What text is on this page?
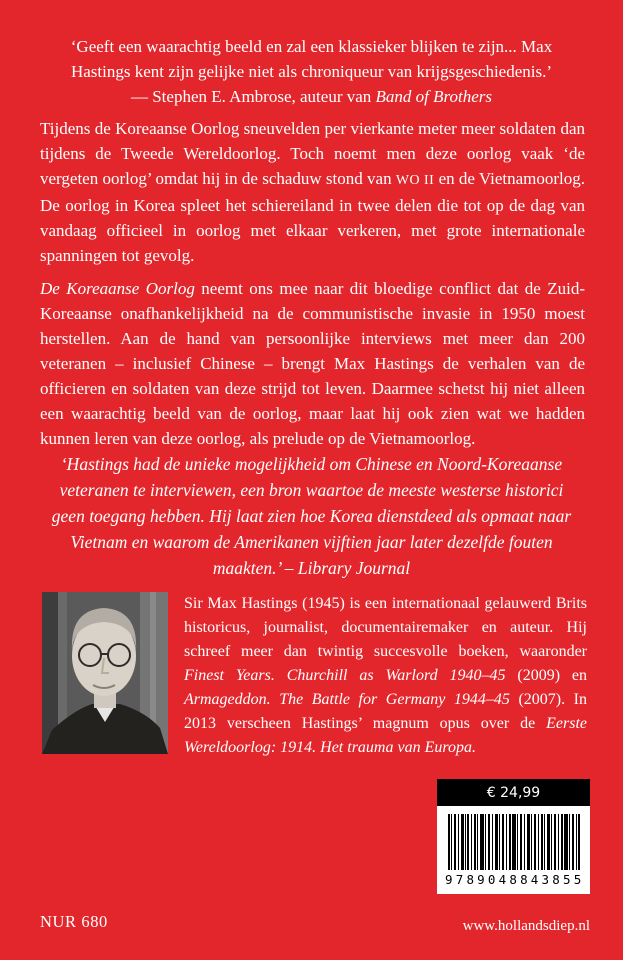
‘Geeft een waarachtig beeld en zal een klassieker blijken te zijn... Max Hastings kent zijn gelijke niet als chroniqueur van krijgsgeschiedenis.’
— Stephen E. Ambrose, auteur van Band of Brothers

Tijdens de Koreaanse Oorlog sneuvelden per vierkante meter meer soldaten dan tijdens de Tweede Wereldoorlog. Toch noemt men deze oorlog vaak ‘de vergeten oorlog’ omdat hij in de schaduw stond van WO II en de Vietnamoorlog. De oorlog in Korea spleet het schiereiland in twee delen die tot op de dag van vandaag officieel in oorlog met elkaar verkeren, met grote internationale spanningen tot gevolg.

De Koreaanse Oorlog neemt ons mee naar dit bloedige conflict dat de Zuid-Koreaanse onafhankelijkheid na de communistische invasie in 1950 moest herstellen. Aan de hand van persoonlijke interviews met meer dan 200 veteranen – inclusief Chinese – brengt Max Hastings de verhalen van de officieren en soldaten van deze strijd tot leven. Daarmee schetst hij niet alleen een waarachtig beeld van de oorlog, maar laat hij ook zien wat we hadden kunnen leren van deze oorlog, als prelude op de Vietnamoorlog.

‘Hastings had de unieke mogelijkheid om Chinese en Noord-Koreaanse veteranen te interviewen, een bron waartoe de meeste westerse historici geen toegang hebben. Hij laat zien hoe Korea dienstdeed als opmaat naar Vietnam en waarom de Amerikanen vijftien jaar later dezelfde fouten maakten.’ – Library Journal

Sir Max Hastings (1945) is een internationaal gelauwerd Brits historicus, journalist, documentairemaker en auteur. Hij schreef meer dan twintig succesvolle boeken, waaronder Finest Years. Churchill as Warlord 1940–45 (2009) en Armageddon. The Battle for Germany 1944–45 (2007). In 2013 verscheen Hastings’ magnum opus over de Eerste Wereldoorlog: 1914. Het trauma van Europa.

€ 24,99
9789048843855
NUR 680	www.hollandsdiep.nl
